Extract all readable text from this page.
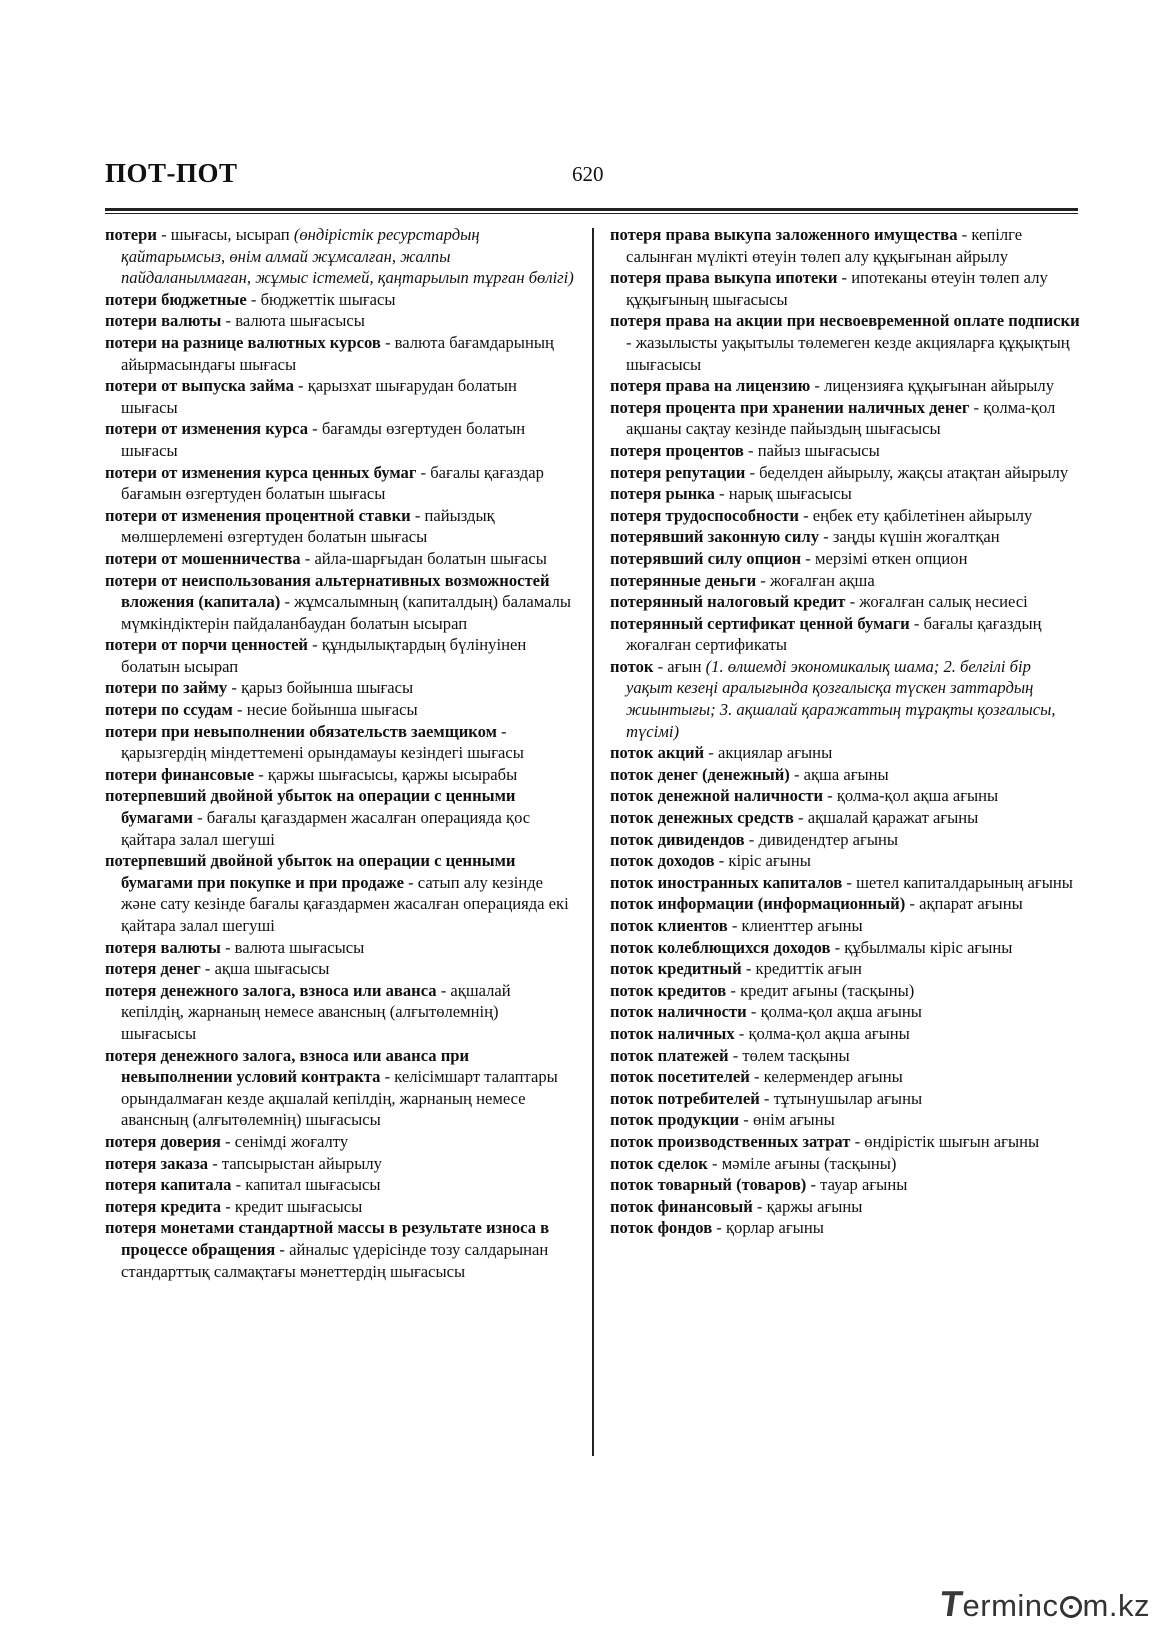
ПОТ-ПОТ	620
потери - шығасы, ысырап (өндірістік ресурстардың қайтарымсыз, өнім алмай жұмсалған, жалпы пайдаланылмаған, жұмыс істемей, қаңтарылып тұрған бөлігі)
потери бюджетные - бюджеттік шығасы
потери валюты - валюта шығасысы
потери на разнице валютных курсов - валюта бағамдарының айырмасындағы шығасы
потери от выпуска займа - қарызхат шығарудан болатын шығасы
потери от изменения курса - бағамды өзгертуден болатын шығасы
потери от изменения курса ценных бумаг - бағалы қағаздар бағамын өзгертуден болатын шығасы
потери от изменения процентной ставки - пайыздық мөлшерлемені өзгертуден болатын шығасы
потери от мошенничества - айла-шарғыдан болатын шығасы
потери от неиспользования альтернативных возможностей вложения (капитала) - жұмсалымның (капиталдың) баламалы мүмкіндіктерін пайдаланбаудан болатын ысырап
потери от порчи ценностей - құндылықтардың бүлінуінен болатын ысырап
потери по займу - қарыз бойынша шығасы
потери по ссудам - несие бойынша шығасы
потери при невыполнении обязательств заемщиком - қарызгердің міндеттемені орындамауы кезіндегі шығасы
потери финансовые - қаржы шығасысы, қаржы ысырабы
потерпевший двойной убыток на операции с ценными бумагами - бағалы қағаздармен жасалған операцияда қос қайтара залал шегуші
потерпевший двойной убыток на операции с ценными бумагами при покупке и при продаже - сатып алу кезінде және сату кезінде бағалы қағаздармен жасалған операцияда екі қайтара залал шегуші
потеря валюты - валюта шығасысы
потеря денег - ақша шығасысы
потеря денежного залога, взноса или аванса - ақшалай кепілдің, жарнаның немесе авансның (алғытөлемнің) шығасысы
потеря денежного залога, взноса или аванса при невыполнении условий контракта - келісімшарт талаптары орындалмаған кезде ақшалай кепілдің, жарнаның немесе авансның (алғытөлемнің) шығасысы
потеря доверия - сенімді жоғалту
потеря заказа - тапсырыстан айырылу
потеря капитала - капитал шығасысы
потеря кредита - кредит шығасысы
потеря монетами стандартной массы в результате износа в процессе обращения - айналыс үдерісінде тозу салдарынан стандарттық салмақтағы мәнеттердің шығасысы
потеря права выкупа заложенного имущества - кепілге салынған мүлікті өтеуін төлеп алу құқығынан айрылу
потеря права выкупа ипотеки - ипотеканы өтеуін төлеп алу құқығының шығасысы
потеря права на акции при несвоевременной оплате подписки - жазылысты уақытылы төлемеген кезде акцияларға құқықтың шығасысы
потеря права на лицензию - лицензияға құқығынан айырылу
потеря процента при хранении наличных денег - қолма-қол ақшаны сақтау кезінде пайыздың шығасысы
потеря процентов - пайыз шығасысы
потеря репутации - беделден айырылу, жақсы атақтан айырылу
потеря рынка - нарық шығасысы
потеря трудоспособности - еңбек ету қабілетінен айырылу
потерявший законную силу - заңды күшін жоғалтқан
потерявший силу опцион - мерзімі өткен опцион
потерянные деньги - жоғалған ақша
потерянный налоговый кредит - жоғалған салық несиесі
потерянный сертификат ценной бумаги - бағалы қағаздың жоғалған сертификаты
поток - ағын (1. өлшемді экономикалық шама; 2. белгілі бір уақыт кезеңі аралығында қозғалысқа түскен заттардың жиынтығы; 3. ақшалай қаражаттың тұрақты қозғалысы, түсімі)
поток акций - акциялар ағыны
поток денег (денежный) - ақша ағыны
поток денежной наличности - қолма-қол ақша ағыны
поток денежных средств - ақшалай қаражат ағыны
поток дивидендов - дивидендтер ағыны
поток доходов - кіріс ағыны
поток иностранных капиталов - шетел капиталдарының ағыны
поток информации (информационный) - ақпарат ағыны
поток клиентов - клиенттер ағыны
поток колеблющихся доходов - құбылмалы кіріс ағыны
поток кредитный - кредиттік ағын
поток кредитов - кредит ағыны (тасқыны)
поток наличности - қолма-қол ақша ағыны
поток наличных - қолма-қол ақша ағыны
поток платежей - төлем тасқыны
поток посетителей - келермендер ағыны
поток потребителей - тұтынушылар ағыны
поток продукции - өнім ағыны
поток производственных затрат - өндірістік шығын ағыны
поток сделок - мәміле ағыны (тасқыны)
поток товарный (товаров) - тауар ағыны
поток финансовый - қаржы ағыны
поток фондов - қорлар ағыны
Terminc m.kz
